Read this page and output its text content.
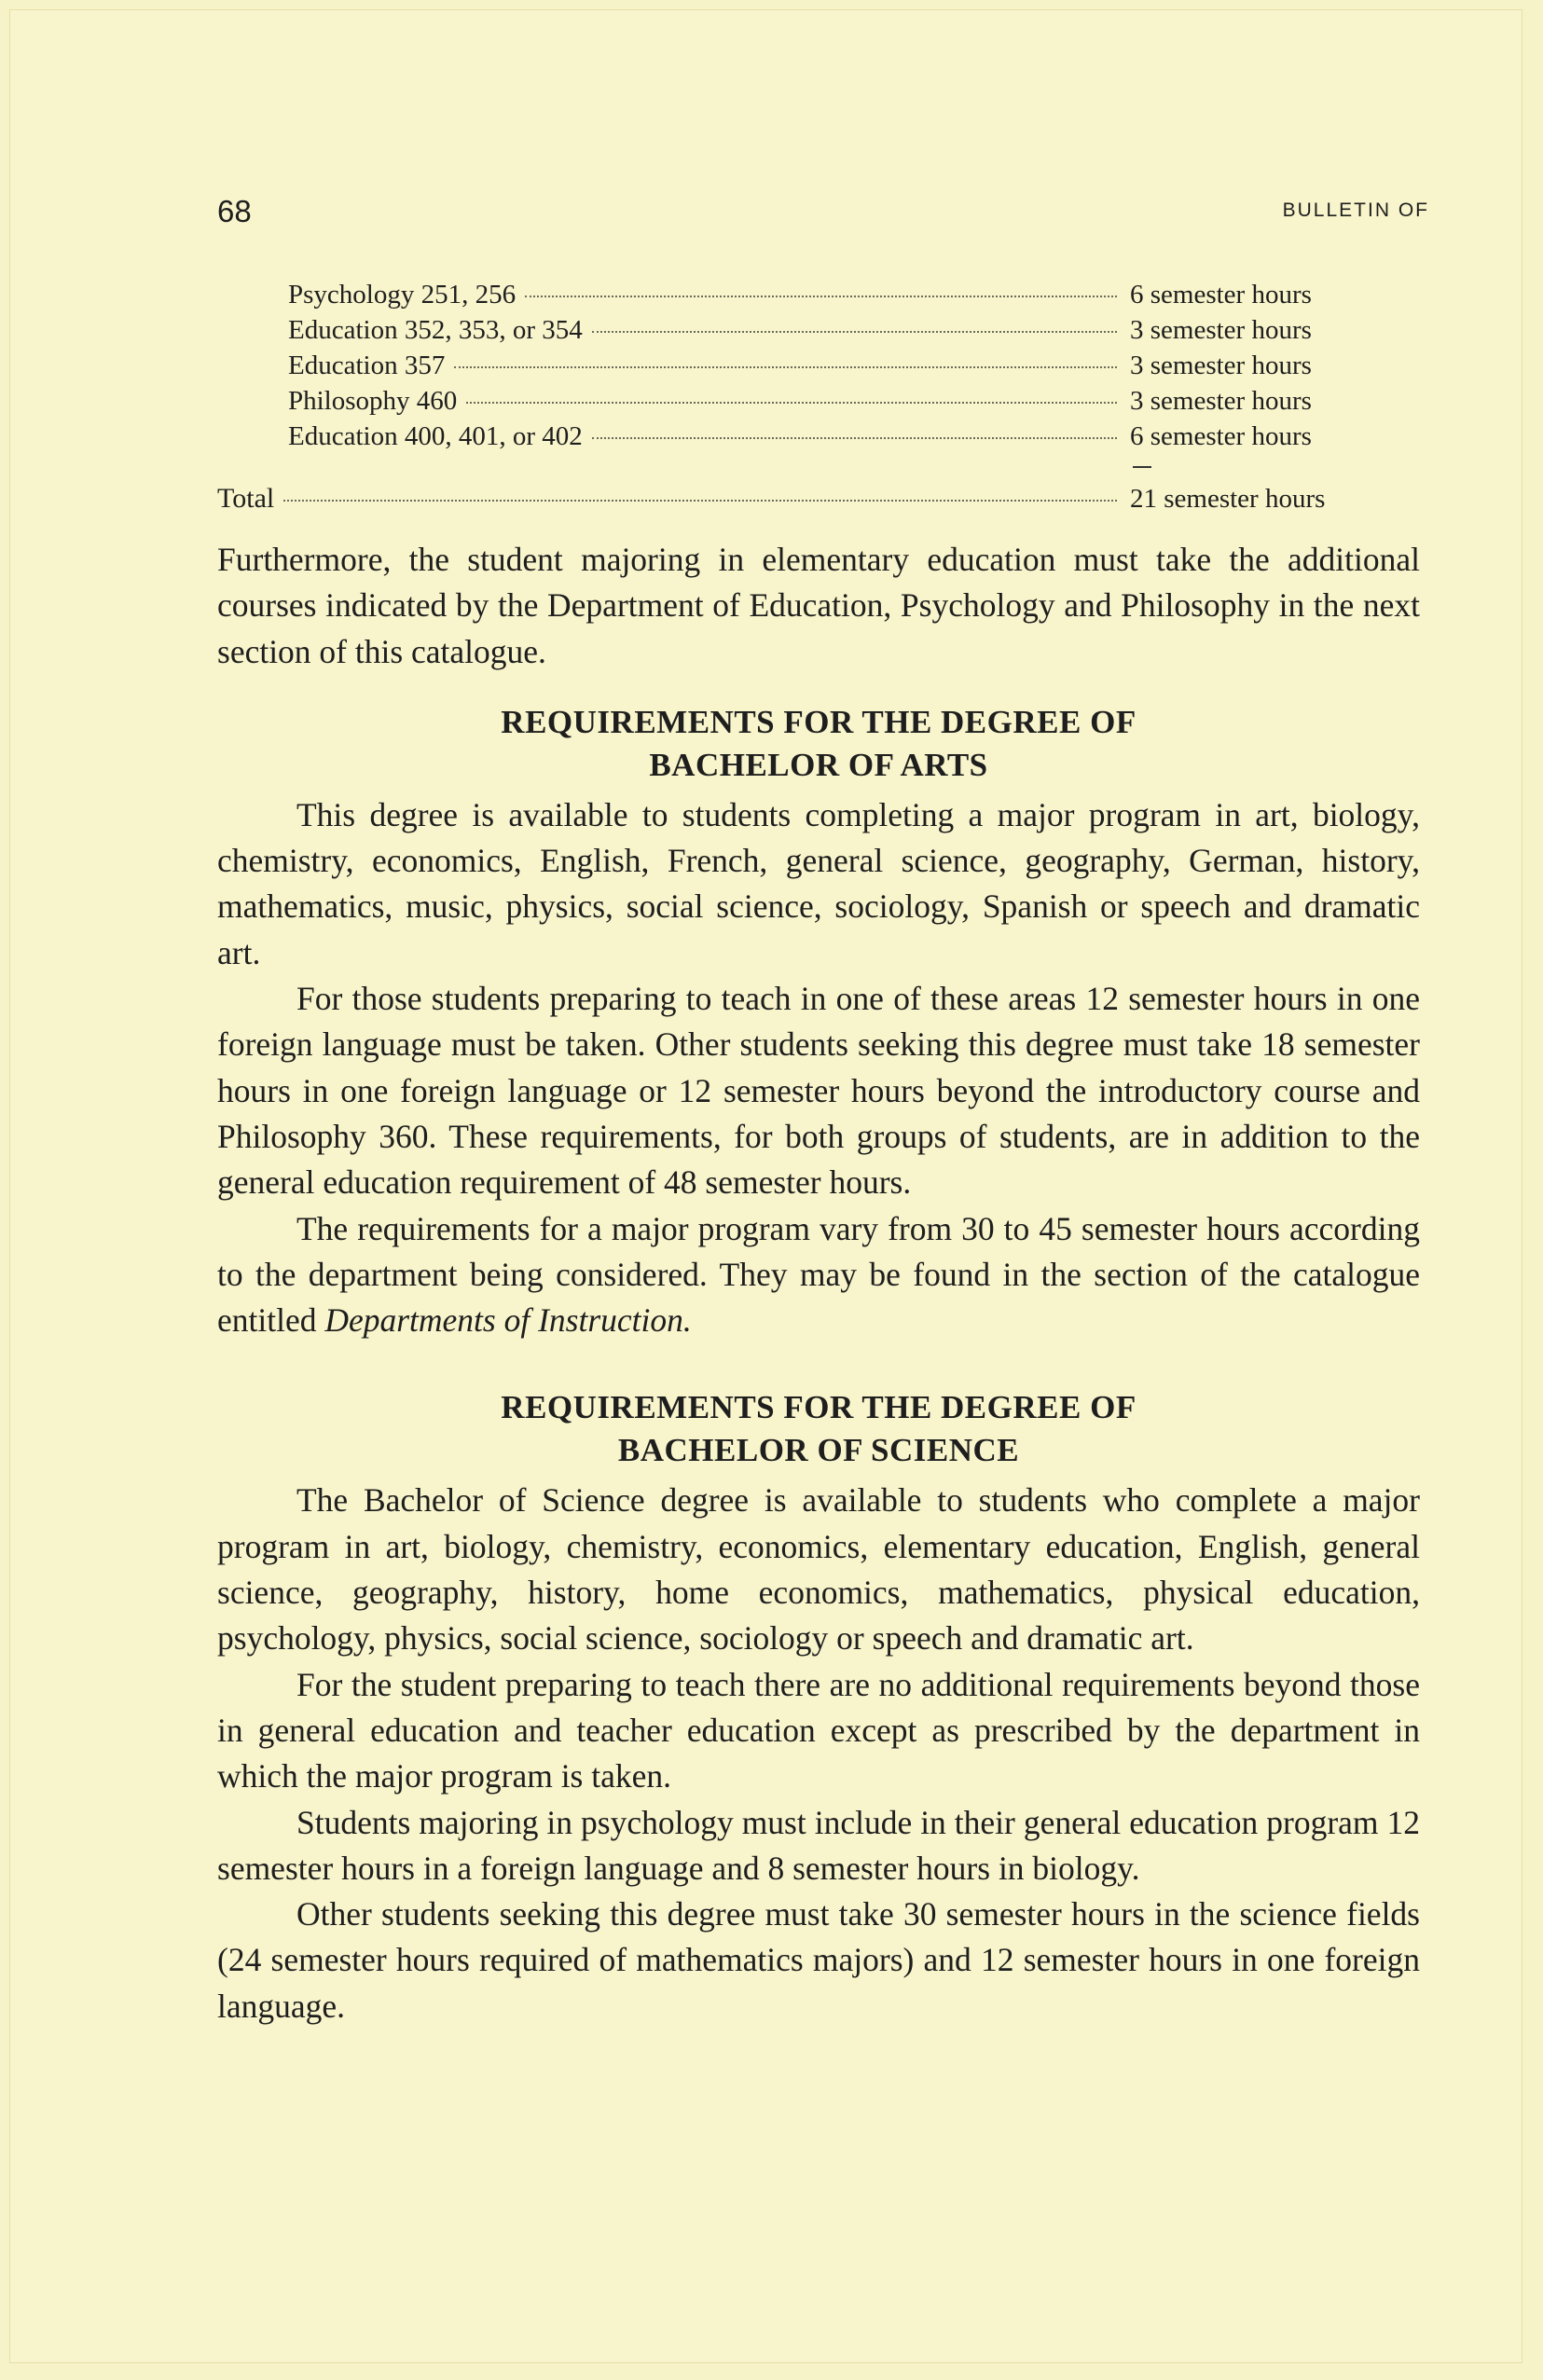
68	BULLETIN OF
Psychology 251, 256	6 semester hours
Education 352, 353, or 354	3 semester hours
Education 357	3 semester hours
Philosophy 460	3 semester hours
Education 400, 401, or 402	6 semester hours
Total	21 semester hours

Furthermore, the student majoring in elementary education must take the additional courses indicated by the Department of Education, Psychology and Philosophy in the next section of this catalogue.

REQUIREMENTS FOR THE DEGREE OF
BACHELOR OF ARTS

This degree is available to students completing a major program in art, biology, chemistry, economics, English, French, general science, geography, German, history, mathematics, music, physics, social science, sociology, Spanish or speech and dramatic art.

For those students preparing to teach in one of these areas 12 semester hours in one foreign language must be taken. Other students seeking this degree must take 18 semester hours in one foreign language or 12 semester hours beyond the introductory course and Philosophy 360. These requirements, for both groups of students, are in addition to the general education requirement of 48 semester hours.

The requirements for a major program vary from 30 to 45 semester hours according to the department being considered. They may be found in the section of the catalogue entitled Departments of Instruction.

REQUIREMENTS FOR THE DEGREE OF
BACHELOR OF SCIENCE

The Bachelor of Science degree is available to students who complete a major program in art, biology, chemistry, economics, elementary education, English, general science, geography, history, home economics, mathematics, physical education, psychology, physics, social science, sociology or speech and dramatic art.

For the student preparing to teach there are no additional requirements beyond those in general education and teacher education except as prescribed by the department in which the major program is taken.

Students majoring in psychology must include in their general education program 12 semester hours in a foreign language and 8 semester hours in biology.

Other students seeking this degree must take 30 semester hours in the science fields (24 semester hours required of mathematics majors) and 12 semester hours in one foreign language.
